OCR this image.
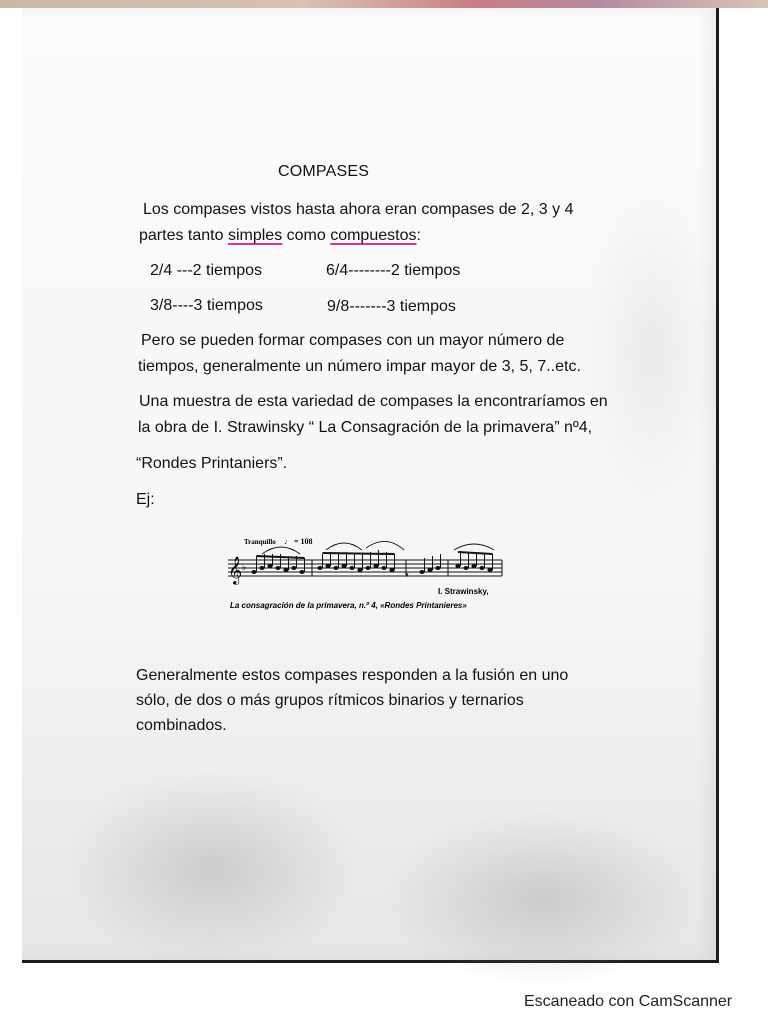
COMPASES
Los compases vistos hasta ahora eran compases de 2, 3 y 4
partes tanto simples como compuestos:
2/4 ---2 tiempos	6/4--------2 tiempos
3/8----3 tiempos	9/8-------3 tiempos
Pero se pueden formar compases con un mayor número de
tiempos, generalmente un número impar mayor de 3, 5, 7..etc.
Una muestra de esta variedad de compases la encontraríamos en
la obra de I. Strawinsky “ La Consagración de la primavera” nº4,
“Rondes Printaniers”.
Ej:
Tranquillo ♩ = 108
𝄞 ♭
𝄾
I. Strawinsky,
La consagración de la primavera, n.º 4, «Rondes Printanieres»
Generalmente estos compases responden a la fusión en uno
sólo, de dos o más grupos rítmicos binarios y ternarios
combinados.
Escaneado con CamScanner
